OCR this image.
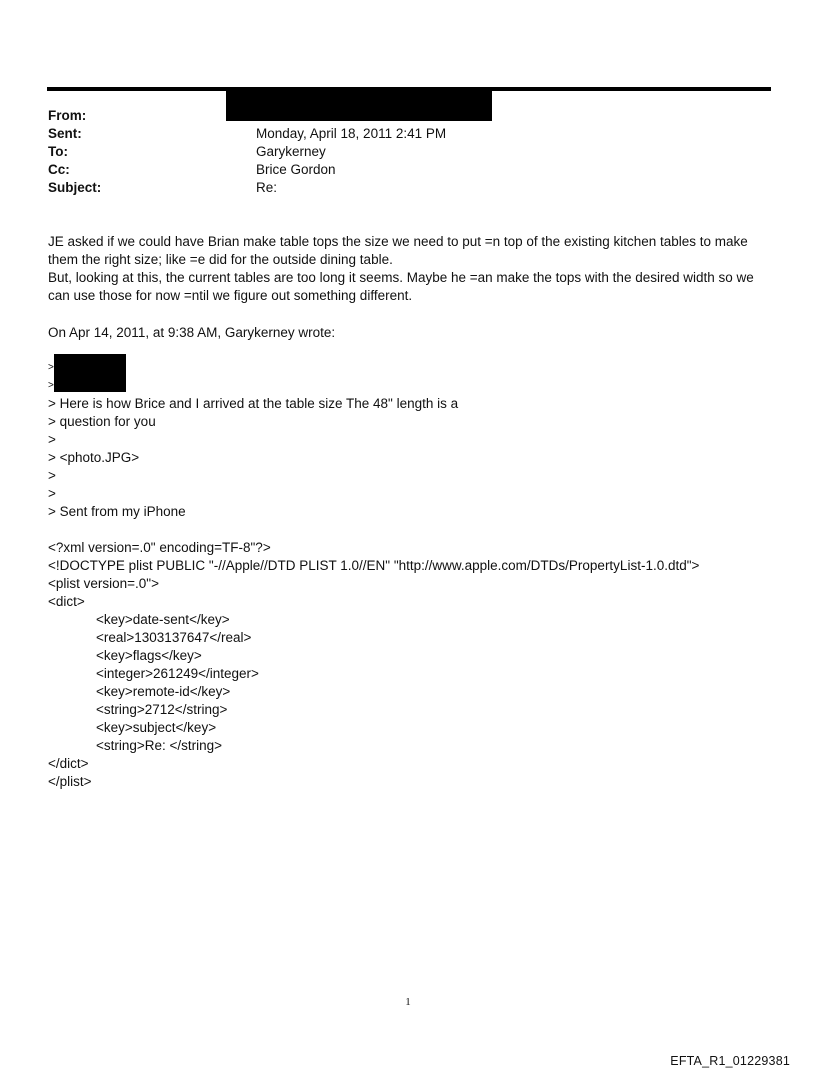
From:
Sent:	Monday, April 18, 2011 2:41 PM
To:	Garykerney
Cc:	Brice Gordon
Subject:	Re:
JE asked if we could have Brian make table tops the size we need to put =n top of the existing kitchen tables to make
them the right size; like =e did for the outside dining table.
But, looking at this, the current tables are too long it seems. Maybe he =an make the tops with the desired width so we
can use those for now =ntil we figure out something different.
On Apr 14, 2011, at 9:38 AM, Garykerney wrote:
>
>
> Here is how Brice and I arrived at the table size The 48" length is a
> question for you
>
> <photo.JPG>
>
>
> Sent from my iPhone
<?xml version=.0" encoding=TF-8"?>
<!DOCTYPE plist PUBLIC "-//Apple//DTD PLIST 1.0//EN" "http://www.apple.com/DTDs/PropertyList-1.0.dtd">
<plist version=.0">
<dict>
<key>date-sent</key>
<real>1303137647</real>
<key>flags</key>
<integer>261249</integer>
<key>remote-id</key>
<string>2712</string>
<key>subject</key>
<string>Re: </string>
</dict>
</plist>
1
EFTA_R1_01229381
